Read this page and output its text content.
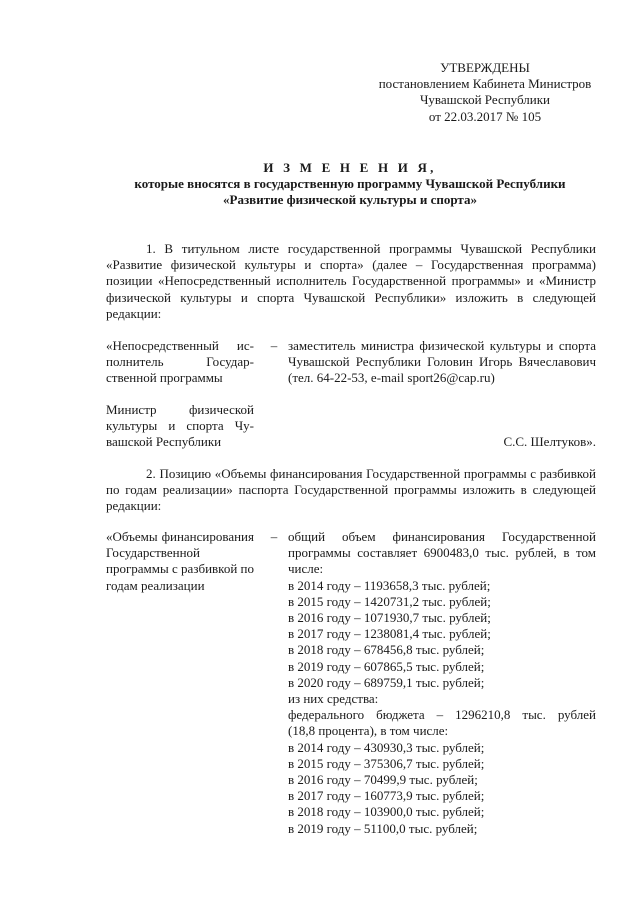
УТВЕРЖДЕНЫ
постановлением Кабинета Министров
Чувашской Республики
от 22.03.2017 № 105
И З М Е Н Е Н И Я,
которые вносятся в государственную программу Чувашской Республики
«Развитие физической культуры и спорта»
1. В титульном листе государственной программы Чувашской Республики «Развитие физической культуры и спорта» (далее – Государственная программа) позиции «Непосредственный исполнитель Государственной программы» и «Министр физической культуры и спорта Чувашской Республики» изложить в следующей редакции:
«Непосредственный исполнитель Государственной программы
– заместитель министра физической культуры и спорта Чувашской Республики Головин Игорь Вячеславович (тел. 64-22-53, e-mail sport26@cap.ru)
Министр физической культуры и спорта Чувашской Республики	С.С. Шелтуков».
2. Позицию «Объемы финансирования Государственной программы с разбивкой по годам реализации» паспорта Государственной программы изложить в следующей редакции:
«Объемы финансирования Государственной программы с разбивкой по годам реализации
– общий объем финансирования Государственной программы составляет 6900483,0 тыс. рублей, в том числе:
в 2014 году – 1193658,3 тыс. рублей;
в 2015 году – 1420731,2 тыс. рублей;
в 2016 году – 1071930,7 тыс. рублей;
в 2017 году – 1238081,4 тыс. рублей;
в 2018 году – 678456,8 тыс. рублей;
в 2019 году – 607865,5 тыс. рублей;
в 2020 году – 689759,1 тыс. рублей;
из них средства:
федерального бюджета – 1296210,8 тыс. рублей
(18,8 процента), в том числе:
в 2014 году – 430930,3 тыс. рублей;
в 2015 году – 375306,7 тыс. рублей;
в 2016 году – 70499,9 тыс. рублей;
в 2017 году – 160773,9 тыс. рублей;
в 2018 году – 103900,0 тыс. рублей;
в 2019 году – 51100,0 тыс. рублей;
